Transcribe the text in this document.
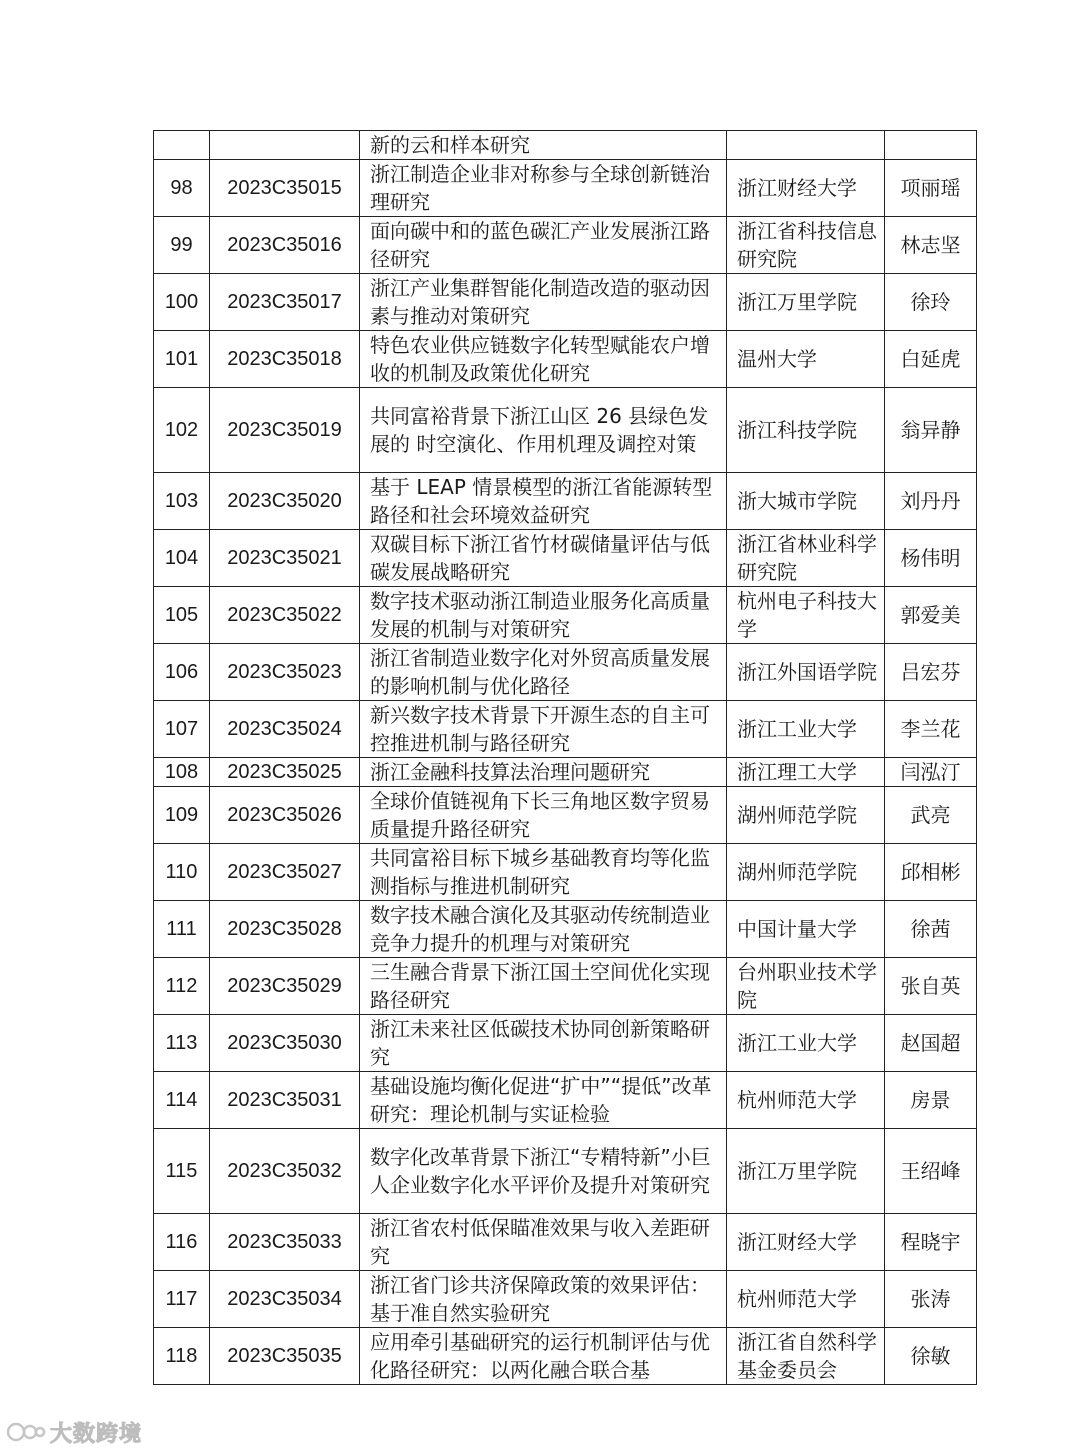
		新的云和样本研究		
98	2023C35015	浙江制造企业非对称参与全球创新链治理研究	浙江财经大学	项丽瑶
99	2023C35016	面向碳中和的蓝色碳汇产业发展浙江路径研究	浙江省科技信息研究院	林志坚
100	2023C35017	浙江产业集群智能化制造改造的驱动因素与推动对策研究	浙江万里学院	徐玲
101	2023C35018	特色农业供应链数字化转型赋能农户增收的机制及政策优化研究	温州大学	白延虎
102	2023C35019	共同富裕背景下浙江山区 26 县绿色发展的 时空演化、作用机理及调控对策	浙江科技学院	翁异静
103	2023C35020	基于 LEAP 情景模型的浙江省能源转型路径和社会环境效益研究	浙大城市学院	刘丹丹
104	2023C35021	双碳目标下浙江省竹材碳储量评估与低碳发展战略研究	浙江省林业科学研究院	杨伟明
105	2023C35022	数字技术驱动浙江制造业服务化高质量发展的机制与对策研究	杭州电子科技大学	郭爱美
106	2023C35023	浙江省制造业数字化对外贸高质量发展的影响机制与优化路径	浙江外国语学院	吕宏芬
107	2023C35024	新兴数字技术背景下开源生态的自主可控推进机制与路径研究	浙江工业大学	李兰花
108	2023C35025	浙江金融科技算法治理问题研究	浙江理工大学	闫泓汀
109	2023C35026	全球价值链视角下长三角地区数字贸易质量提升路径研究	湖州师范学院	武亮
110	2023C35027	共同富裕目标下城乡基础教育均等化监测指标与推进机制研究	湖州师范学院	邱相彬
111	2023C35028	数字技术融合演化及其驱动传统制造业竞争力提升的机理与对策研究	中国计量大学	徐茜
112	2023C35029	三生融合背景下浙江国土空间优化实现路径研究	台州职业技术学院	张自英
113	2023C35030	浙江未来社区低碳技术协同创新策略研究	浙江工业大学	赵国超
114	2023C35031	基础设施均衡化促进“扩中”“提低”改革研究：理论机制与实证检验	杭州师范大学	房景
115	2023C35032	数字化改革背景下浙江“专精特新”小巨人企业数字化水平评价及提升对策研究	浙江万里学院	王绍峰
116	2023C35033	浙江省农村低保瞄准效果与收入差距研究	浙江财经大学	程晓宇
117	2023C35034	浙江省门诊共济保障政策的效果评估：基于准自然实验研究	杭州师范大学	张涛
118	2023C35035	应用牵引基础研究的运行机制评估与优化路径研究：以两化融合联合基	浙江省自然科学基金委员会	徐敏
大数跨境
